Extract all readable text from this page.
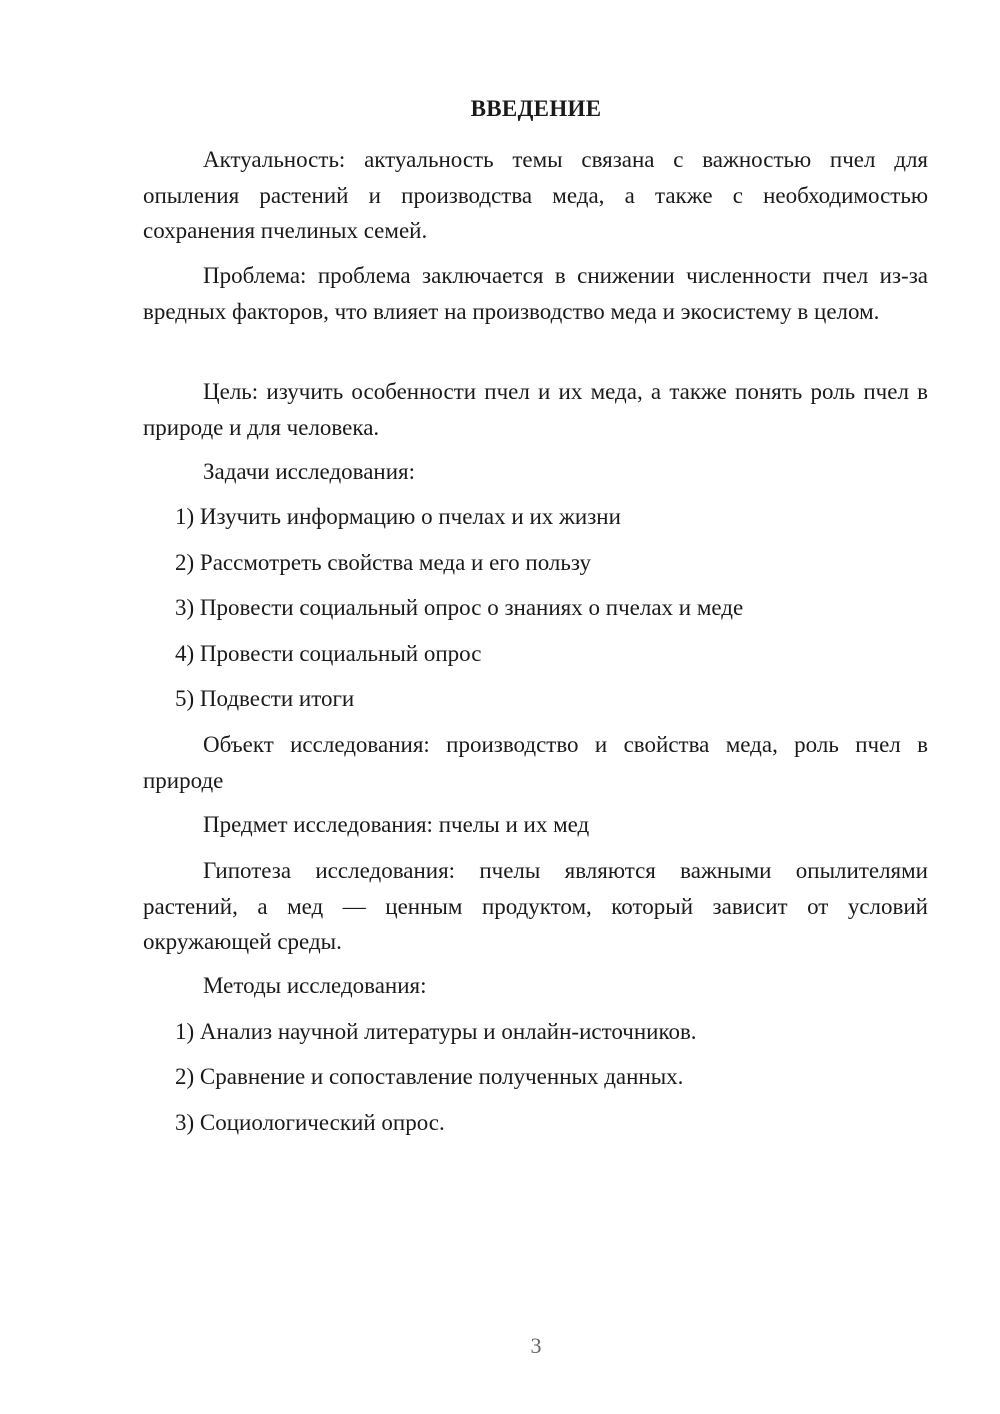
ВВЕДЕНИЕ

Актуальность: актуальность темы связана с важностью пчел для опыления растений и производства меда, а также с необходимостью сохранения пчелиных семей.

Проблема: проблема заключается в снижении численности пчел из-за вредных факторов, что влияет на производство меда и экосистему в целом.

Цель: изучить особенности пчел и их меда, а также понять роль пчел в природе и для человека.

Задачи исследования:

1) Изучить информацию о пчелах и их жизни

2) Рассмотреть свойства меда и его пользу

3) Провести социальный опрос о знаниях о пчелах и меде

4) Провести социальный опрос

5) Подвести итоги

Объект исследования: производство и свойства меда, роль пчел в природе

Предмет исследования: пчелы и их мед

Гипотеза исследования: пчелы являются важными опылителями растений, а мед — ценным продуктом, который зависит от условий окружающей среды.

Методы исследования:

1) Анализ научной литературы и онлайн-источников.

2) Сравнение и сопоставление полученных данных.

3) Социологический опрос.

3
